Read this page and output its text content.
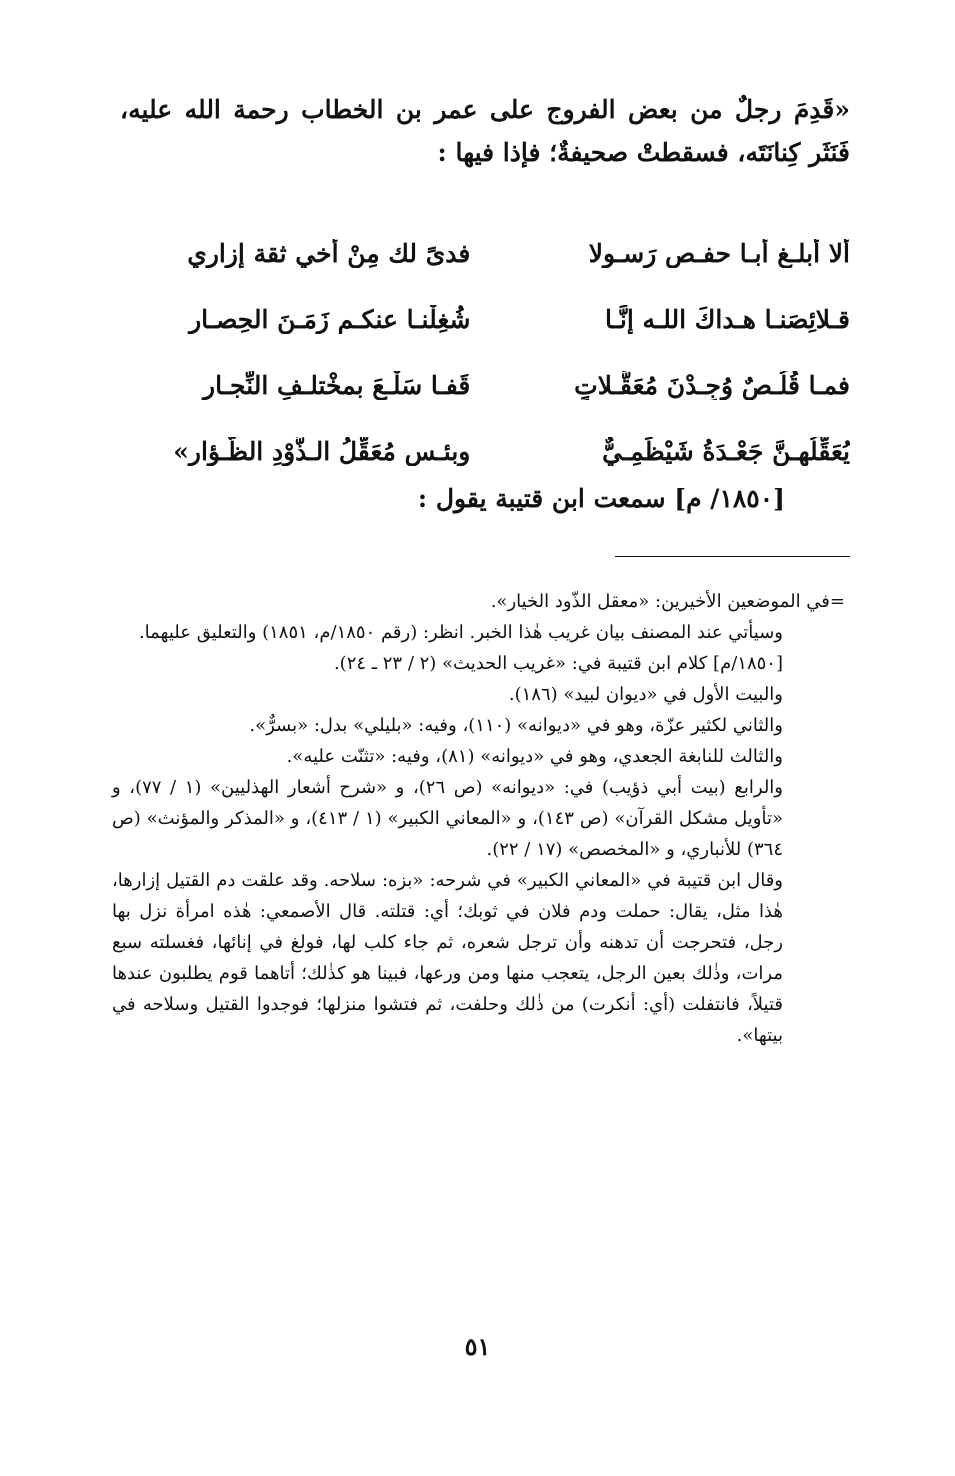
«قَدِمَ رجلٌ من بعض الفروج على عمر بن الخطاب رحمة الله عليه، فَنَثَر كِنانَتَه، فسقطتْ صحيفةٌ؛ فإذا فيها :

ألا أبلـغ أبـا حفـصٍ رَسـولا
فدىً لك مِنْ أخي ثقة إزاري
قـلائِصَنـا هـداكَ اللـه إنَّـا
شُغِلْنـا عنكـم زَمَـنَ الحِصـارِ
فمـا قُلُـصٌ وُجِـدْنَ مُعَقَّـلاتٍ
قَفـا سَلْـعَ بمخْتلـفِ النِّجـارِ
يُعَقِّلُهـنَّ جَعْـدَةُ شَيْظَمِـيٌّ
وبئـس مُعَقِّلُ الـذَّوْدِ الظُّـؤارِ»

[١٨٥٠/ م] سمعت ابن قتيبة يقول :

=في الموضعين الأخيرين: «معقل الذّود الخيار».

وسيأتي عند المصنف بيان غريب هٰذا الخبر. انظر: (رقم ١٨٥٠/م، ١٨٥١) والتعليق عليهما.

[١٨٥٠/م] كلام ابن قتيبة في: «غريب الحديث» (٢ / ٢٣ ـ ٢٤).

والبيت الأول في «ديوان لبيد» (١٨٦).

والثاني لكثير عزّة، وهو في «ديوانه» (١١٠)، وفيه: «بليلي» بدل: «بسرٌّ».

والثالث للنابغة الجعدي، وهو في «ديوانه» (٨١)، وفيه: «تثنّت عليه».

والرابع (بيت أبي ذؤيب) في: «ديوانه» (ص ٢٦)، و «شرح أشعار الهذليين» (١ / ٧٧)، و «تأويل مشكل القرآن» (ص ١٤٣)، و «المعاني الكبير» (١ / ٤١٣)، و «المذكر والمؤنث» (ص ٣٦٤) للأنباري، و «المخصص» (١٧ / ٢٢).

وقال ابن قتيبة في «المعاني الكبير» في شرحه: «بزه: سلاحه. وقد علقت دم القتيل إزارها، هٰذا مثل، يقال: حملت ودم فلان في ثوبك؛ أي: قتلته. قال الأصمعي: هٰذه امرأة نزل بها رجل، فتحرجت أن تدهنه وأن ترجل شعره، ثم جاء كلب لها، فولغ في إنائها، فغسلته سبع مرات، وذٰلك بعين الرجل، يتعجب منها ومن ورعها، فبينا هو كذٰلك؛ أتاهما قوم يطلبون عندها قتيلاً، فانتفلت (أي: أنكرت) من ذٰلك وحلفت، ثم فتشوا منزلها؛ فوجدوا القتيل وسلاحه في بيتها».

٥١
